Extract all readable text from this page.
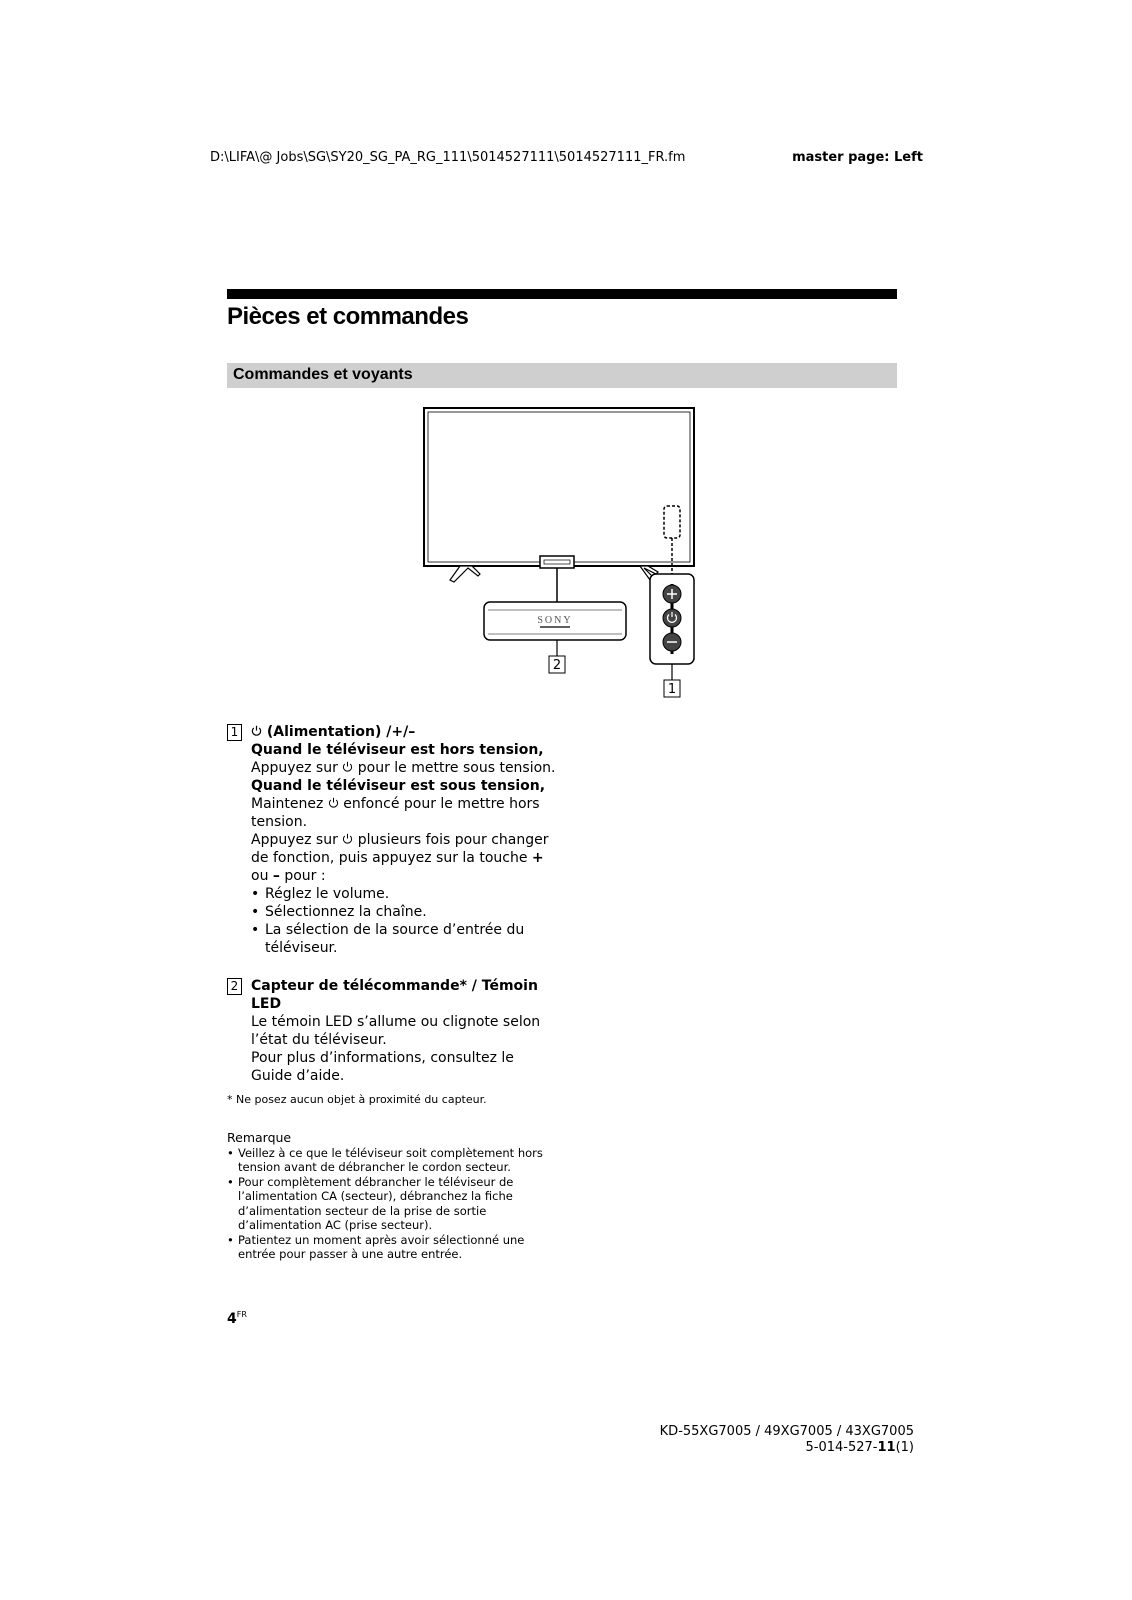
D:\LIFA\@ Jobs\SG\SY20_SG_PA_RG_111\5014527111\5014527111_FR.fm	master page: Left
Pièces et commandes
Commandes et voyants
SONY
2
1
1	(Alimentation) /+/–

Quand le téléviseur est hors tension,

Appuyez sur pour le mettre sous tension.

Quand le téléviseur est sous tension,

Maintenez enfoncé pour le mettre hors tension.

Appuyez sur plusieurs fois pour changer de fonction, puis appuyez sur la touche + ou – pour :

• Réglez le volume.
• Sélectionnez la chaîne.
• La sélection de la source d’entrée du téléviseur.
2 Capteur de télécommande* / Témoin LED

Le témoin LED s’allume ou clignote selon l’état du téléviseur.

Pour plus d’informations, consultez le Guide d’aide.

* Ne posez aucun objet à proximité du capteur.
Remarque
• Veillez à ce que le téléviseur soit complètement hors tension avant de débrancher le cordon secteur.
• Pour complètement débrancher le téléviseur de l’alimentation CA (secteur), débranchez la fiche d’alimentation secteur de la prise de sortie d’alimentation AC (prise secteur).
• Patientez un moment après avoir sélectionné une entrée pour passer à une autre entrée.
$4^{FR}$
KD-55XG7005 / 49XG7005 / 43XG7005
5-014-527-11(1)
